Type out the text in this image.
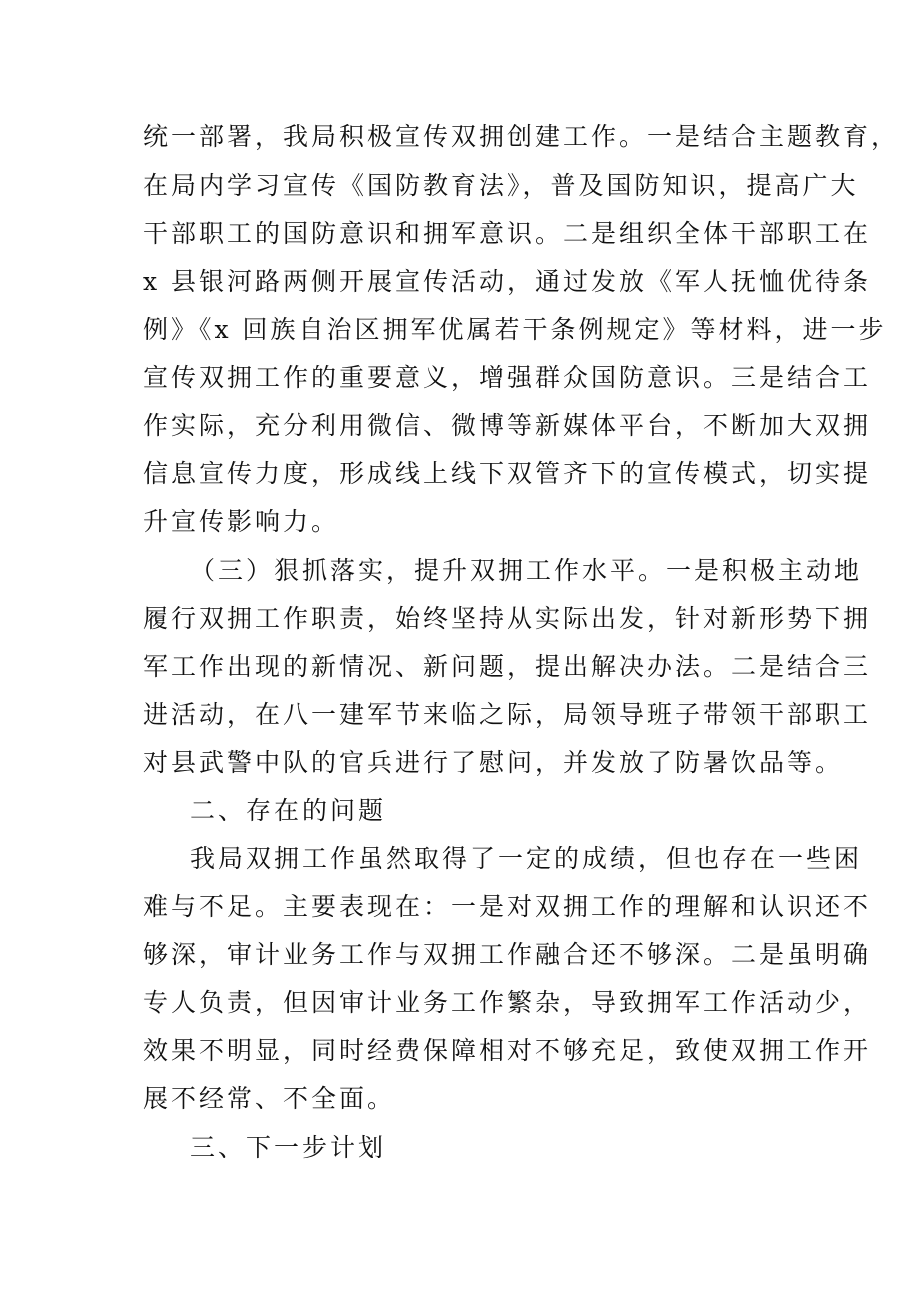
统一部署，我局积极宣传双拥创建工作。一是结合主题教育，
在局内学习宣传《国防教育法》，普及国防知识，提高广大
干部职工的国防意识和拥军意识。二是组织全体干部职工在
x 县银河路两侧开展宣传活动，通过发放《军人抚恤优待条
例》《x 回族自治区拥军优属若干条例规定》等材料，进一步
宣传双拥工作的重要意义，增强群众国防意识。三是结合工
作实际，充分利用微信、微博等新媒体平台，不断加大双拥
信息宣传力度，形成线上线下双管齐下的宣传模式，切实提
升宣传影响力。
（三）狠抓落实，提升双拥工作水平。一是积极主动地
履行双拥工作职责，始终坚持从实际出发，针对新形势下拥
军工作出现的新情况、新问题，提出解决办法。二是结合三
进活动，在八一建军节来临之际，局领导班子带领干部职工
对县武警中队的官兵进行了慰问，并发放了防暑饮品等。
二、存在的问题
我局双拥工作虽然取得了一定的成绩，但也存在一些困
难与不足。主要表现在：一是对双拥工作的理解和认识还不
够深，审计业务工作与双拥工作融合还不够深。二是虽明确
专人负责，但因审计业务工作繁杂，导致拥军工作活动少，
效果不明显，同时经费保障相对不够充足，致使双拥工作开
展不经常、不全面。
三、下一步计划
